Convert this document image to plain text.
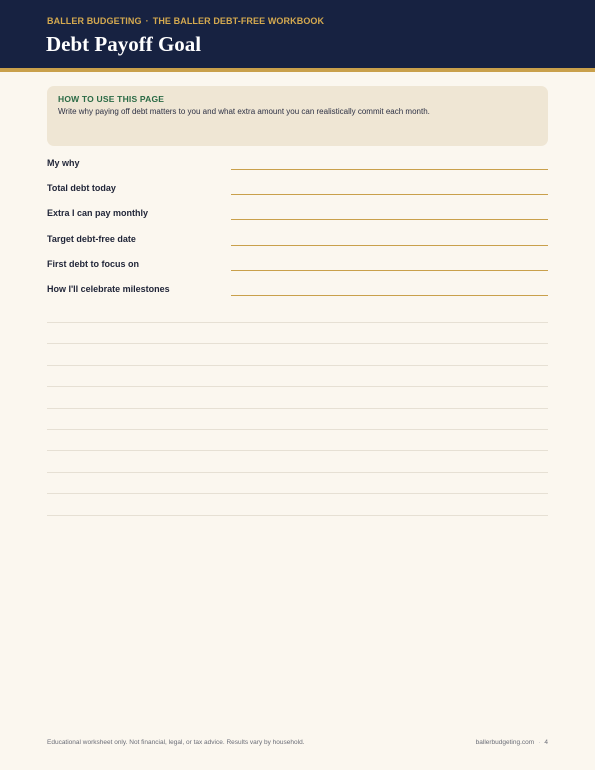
BALLER BUDGETING · THE BALLER DEBT-FREE WORKBOOK
Debt Payoff Goal
HOW TO USE THIS PAGE
Write why paying off debt matters to you and what extra amount you can realistically commit each month.
My why
Total debt today
Extra I can pay monthly
Target debt-free date
First debt to focus on
How I'll celebrate milestones
Educational worksheet only. Not financial, legal, or tax advice. Results vary by household.	ballerbudgeting.com · 4
